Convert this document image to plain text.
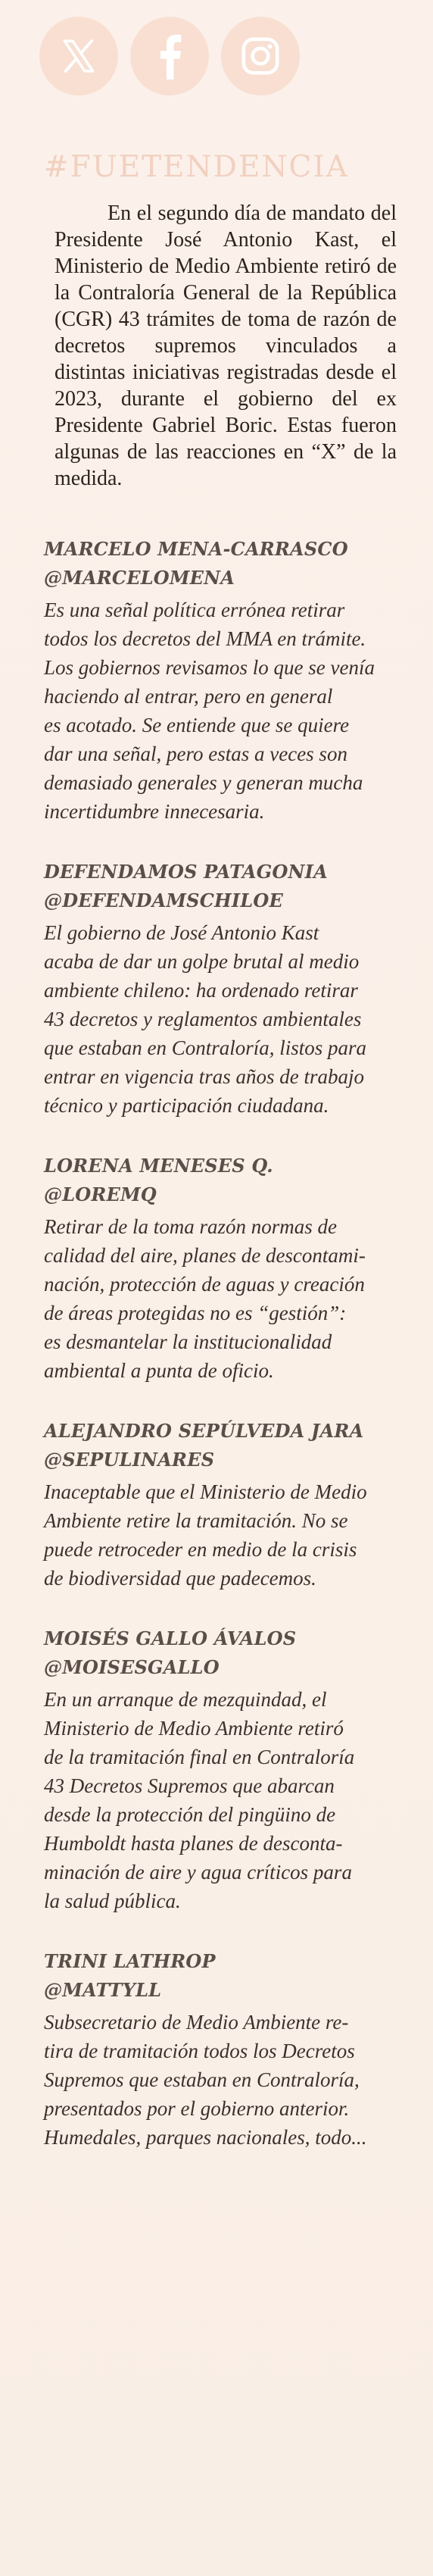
#FUETENDENCIA

En el segundo día de mandato del Presidente José Antonio Kast, el Ministerio de Medio Ambiente retiró de la Contraloría General de la República (CGR) 43 trámites de toma de razón de decretos supremos vinculados a distintas iniciativas registradas desde el 2023, durante el gobierno del ex Presidente Gabriel Boric. Estas fueron algunas de las reacciones en “X” de la medida.

MARCELO MENA-CARRASCO
@MARCELOMENA

Es una señal política errónea retirar
todos los decretos del MMA en trámite.
Los gobiernos revisamos lo que se venía
haciendo al entrar, pero en general
es acotado. Se entiende que se quiere
dar una señal, pero estas a veces son
demasiado generales y generan mucha
incertidumbre innecesaria.

DEFENDAMOS PATAGONIA
@DEFENDAMSCHILOE

El gobierno de José Antonio Kast
acaba de dar un golpe brutal al medio
ambiente chileno: ha ordenado retirar
43 decretos y reglamentos ambientales
que estaban en Contraloría, listos para
entrar en vigencia tras años de trabajo
técnico y participación ciudadana.

LORENA MENESES Q.
@LOREMQ

Retirar de la toma razón normas de
calidad del aire, planes de descontami-
nación, protección de aguas y creación
de áreas protegidas no es “gestión”:
es desmantelar la institucionalidad
ambiental a punta de oficio.

ALEJANDRO SEPÚLVEDA JARA
@SEPULINARES

Inaceptable que el Ministerio de Medio
Ambiente retire la tramitación. No se
puede retroceder en medio de la crisis
de biodiversidad que padecemos.

MOISÉS GALLO ÁVALOS
@MOISESGALLO

En un arranque de mezquindad, el
Ministerio de Medio Ambiente retiró
de la tramitación final en Contraloría
43 Decretos Supremos que abarcan
desde la protección del pingüino de
Humboldt hasta planes de desconta-
minación de aire y agua críticos para
la salud pública.

TRINI LATHROP
@MATTYLL

Subsecretario de Medio Ambiente re-
tira de tramitación todos los Decretos
Supremos que estaban en Contraloría,
presentados por el gobierno anterior.
Humedales, parques nacionales, todo...
